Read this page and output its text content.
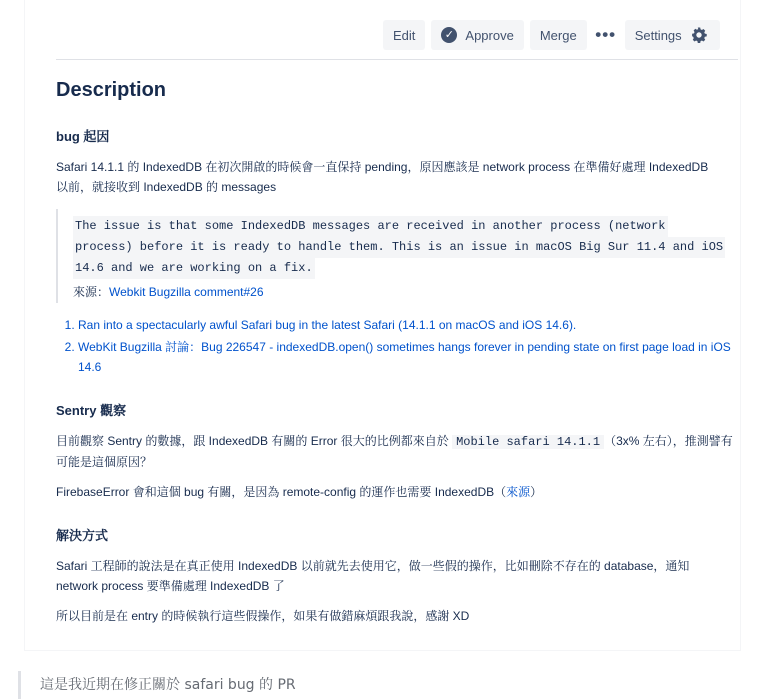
Edit	✓ Approve Merge ••• Settings
Description
bug 起因

Safari 14.1.1 的 IndexedDB 在初次開啟的時候會一直保持 pending，原因應該是 network process 在準備好處理 IndexedDB
以前，就接收到 IndexedDB 的 messages

The issue is that some IndexedDB messages are received in another process (network
process) before it is ready to handle them. This is an issue in macOS Big Sur 11.4 and iOS
14.6 and we are working on a fix.
來源：Webkit Bugzilla comment#26
1. Ran into a spectacularly awful Safari bug in the latest Safari (14.1.1 on macOS and iOS 14.6).
2. WebKit Bugzilla 討論：Bug 226547 - indexedDB.open() sometimes hangs forever in pending state on first page load in iOS 14.6
Sentry 觀察

目前觀察 Sentry 的數據，跟 IndexedDB 有關的 Error 很大的比例都來自於 Mobile safari 14.1.1 （3x% 左右），推測譬有可能是這個原因？

FirebaseError 會和這個 bug 有關，是因為 remote-config 的運作也需要 IndexedDB（來源）

解決方式

Safari 工程師的說法是在真正使用 IndexedDB 以前就先去使用它，做一些假的操作，比如刪除不存在的 database，通知
network process 要準備處理 IndexedDB 了

所以目前是在 entry 的時候執行這些假操作，如果有做錯麻煩跟我說，感謝 XD

這是我近期在修正關於 safari bug 的 PR
